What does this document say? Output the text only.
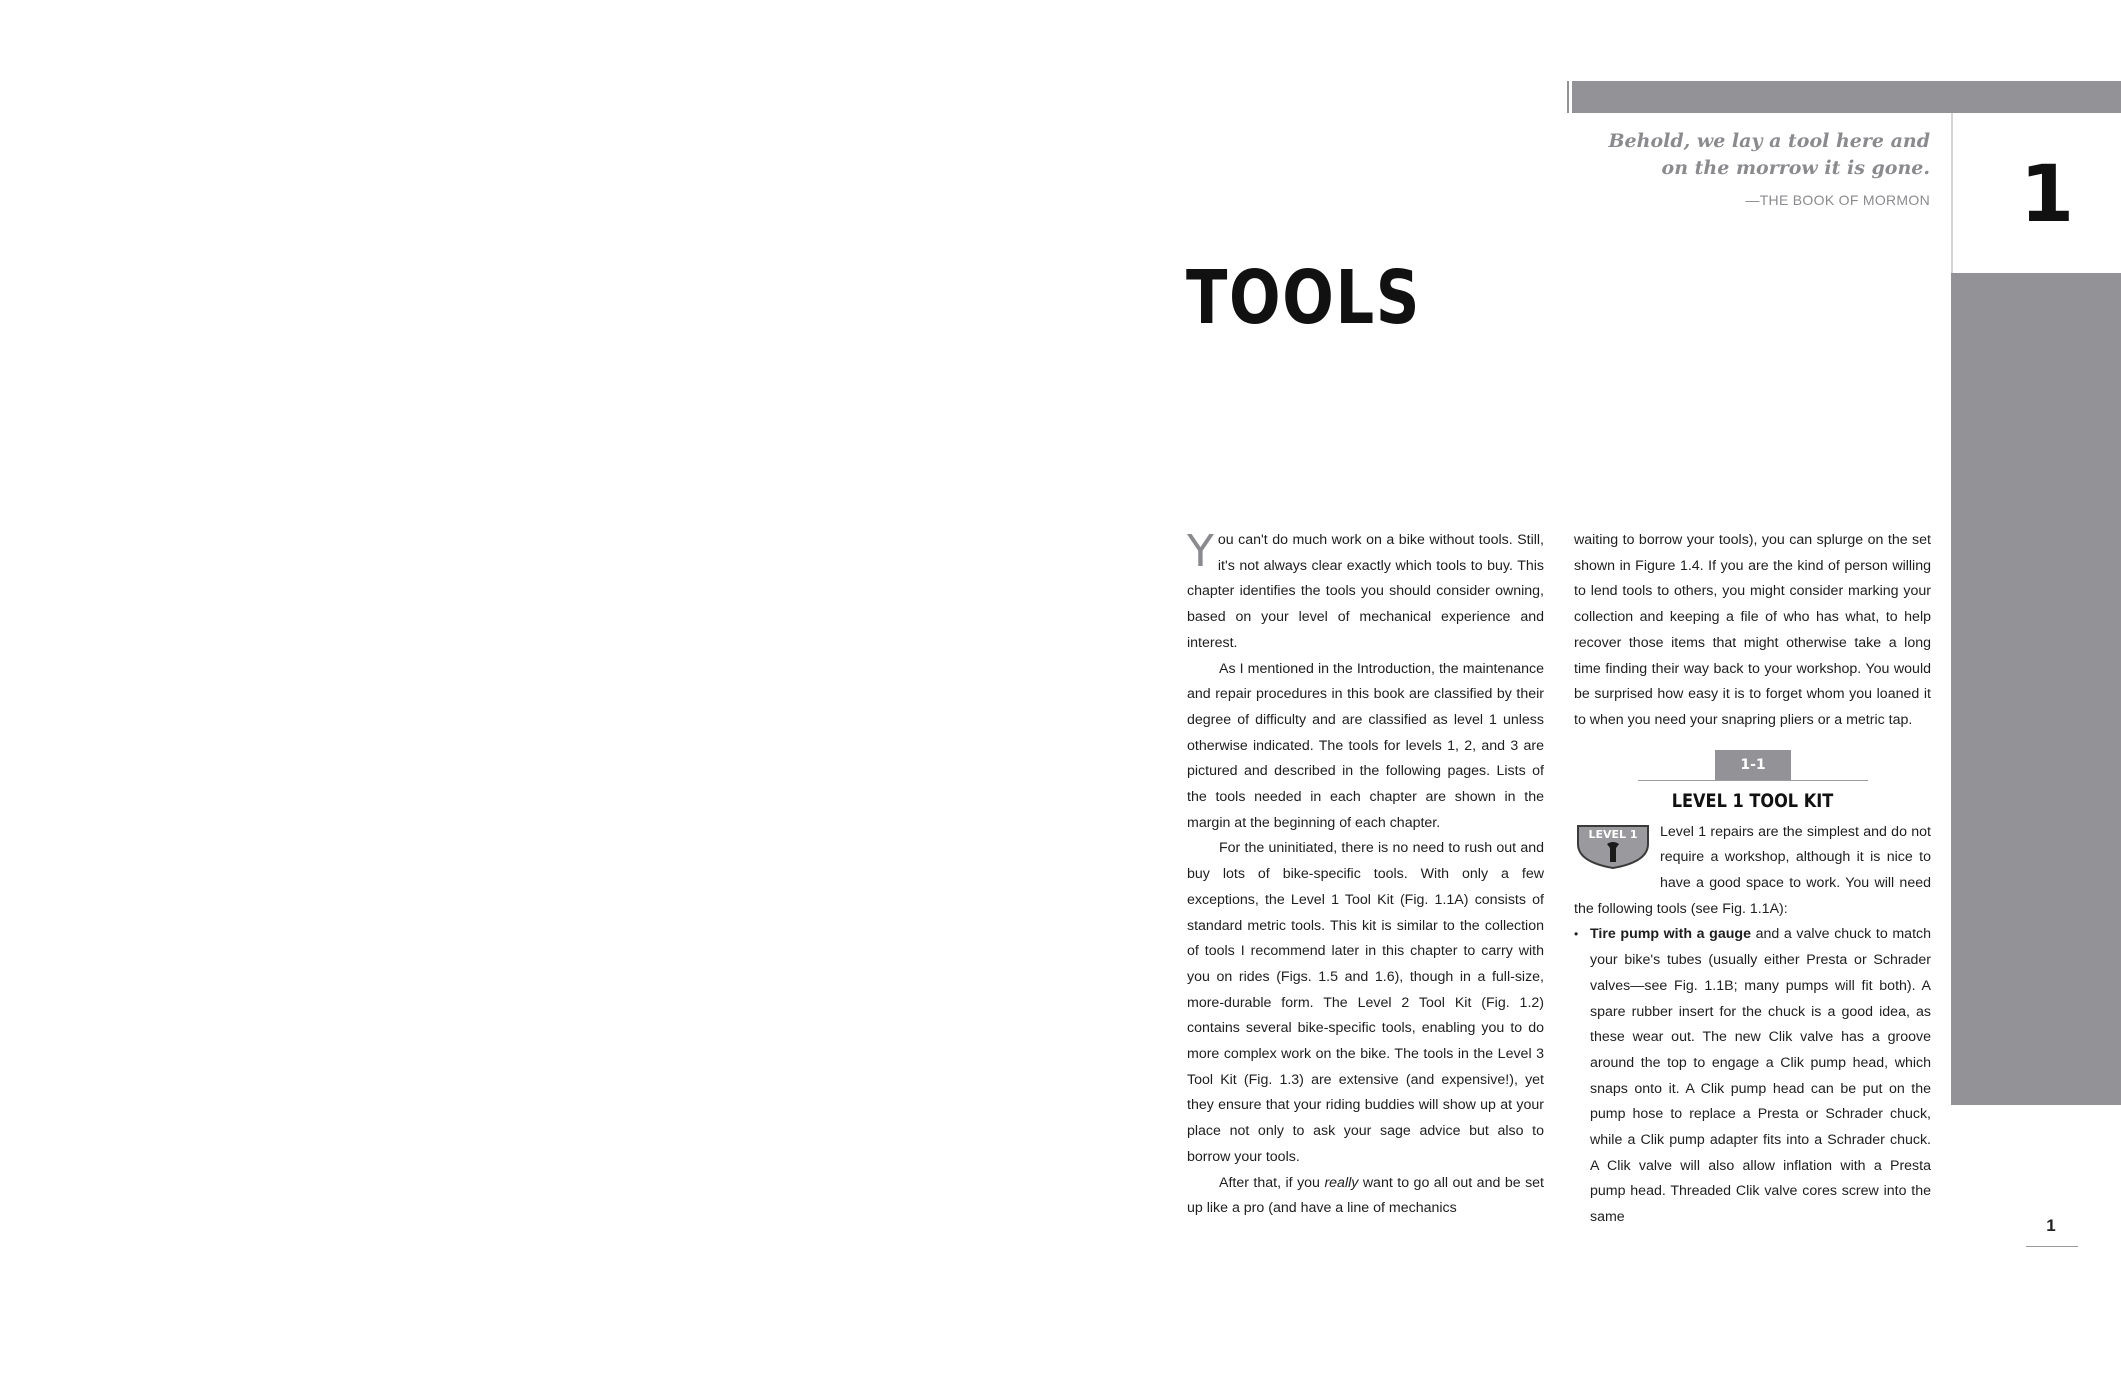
1
Behold, we lay a tool here and
on the morrow it is gone.
—THE BOOK OF MORMON
TOOLS

You can't do much work on a bike without tools. Still, it's not always clear exactly which tools to buy. This chapter identifies the tools you should consider owning, based on your level of mechanical experience and interest.

As I mentioned in the Introduction, the maintenance and repair procedures in this book are classified by their degree of difficulty and are classified as level 1 unless otherwise indicated. The tools for levels 1, 2, and 3 are pictured and described in the following pages. Lists of the tools needed in each chapter are shown in the margin at the beginning of each chapter.

For the uninitiated, there is no need to rush out and buy lots of bike-specific tools. With only a few exceptions, the Level 1 Tool Kit (Fig. 1.1A) consists of standard metric tools. This kit is similar to the collection of tools I recommend later in this chapter to carry with you on rides (Figs. 1.5 and 1.6), though in a full-size, more-durable form. The Level 2 Tool Kit (Fig. 1.2) contains several bike-specific tools, enabling you to do more complex work on the bike. The tools in the Level 3 Tool Kit (Fig. 1.3) are extensive (and expensive!), yet they ensure that your riding buddies will show up at your place not only to ask your sage advice but also to borrow your tools.

After that, if you really want to go all out and be set up like a pro (and have a line of mechanics

waiting to borrow your tools), you can splurge on the set shown in Figure 1.4. If you are the kind of person willing to lend tools to others, you might consider marking your collection and keeping a file of who has what, to help recover those items that might otherwise take a long time finding their way back to your workshop. You would be surprised how easy it is to forget whom you loaned it to when you need your snapring pliers or a metric tap.

1-1
LEVEL 1 TOOL KIT

LEVEL 1 Level 1 repairs are the simplest and do not require a workshop, although it is nice to have a good space to work. You will need the following tools (see Fig. 1.1A):

• Tire pump with a gauge and a valve chuck to match your bike's tubes (usually either Presta or Schrader valves—see Fig. 1.1B; many pumps will fit both). A spare rubber insert for the chuck is a good idea, as these wear out. The new Clik valve has a groove around the top to engage a Clik pump head, which snaps onto it. A Clik pump head can be put on the pump hose to replace a Presta or Schrader chuck, while a Clik pump adapter fits into a Schrader chuck. A Clik valve will also allow inflation with a Presta pump head. Threaded Clik valve cores screw into the same	1
